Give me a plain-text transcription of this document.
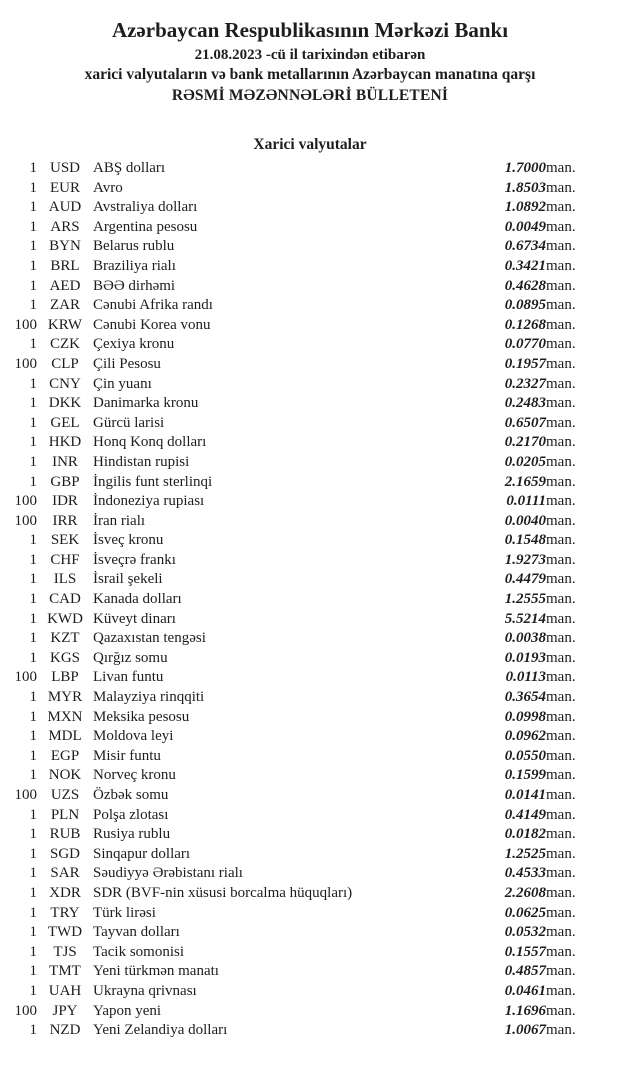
Azərbaycan Respublikasının Mərkəzi Bankı
21.08.2023 -cü il tarixindən etibarən
xarici valyutaların və bank metallarının Azərbaycan manatına qarşı
RƏSMİ MƏZƏNNƏLƏRİ BÜLLETENİ
Xarici valyutalar
1	USD	ABŞ dolları	1.7000	man.
1	EUR	Avro	1.8503	man.
1	AUD	Avstraliya dolları	1.0892	man.
1	ARS	Argentina pesosu	0.0049	man.
1	BYN	Belarus rublu	0.6734	man.
1	BRL	Braziliya rialı	0.3421	man.
1	AED	BƏƏ dirhəmi	0.4628	man.
1	ZAR	Cənubi Afrika randı	0.0895	man.
100	KRW	Cənubi Korea vonu	0.1268	man.
1	CZK	Çexiya kronu	0.0770	man.
100	CLP	Çili Pesosu	0.1957	man.
1	CNY	Çin yuanı	0.2327	man.
1	DKK	Danimarka kronu	0.2483	man.
1	GEL	Gürcü larisi	0.6507	man.
1	HKD	Honq Konq dolları	0.2170	man.
1	INR	Hindistan rupisi	0.0205	man.
1	GBP	İngilis funt sterlinqi	2.1659	man.
100	IDR	İndoneziya rupiası	0.0111	man.
100	IRR	İran rialı	0.0040	man.
1	SEK	İsveç kronu	0.1548	man.
1	CHF	İsveçrə frankı	1.9273	man.
1	ILS	İsrail şekeli	0.4479	man.
1	CAD	Kanada dolları	1.2555	man.
1	KWD	Küveyt dinarı	5.5214	man.
1	KZT	Qazaxıstan tengəsi	0.0038	man.
1	KGS	Qırğız somu	0.0193	man.
100	LBP	Livan funtu	0.0113	man.
1	MYR	Malayziya rinqqiti	0.3654	man.
1	MXN	Meksika pesosu	0.0998	man.
1	MDL	Moldova leyi	0.0962	man.
1	EGP	Misir funtu	0.0550	man.
1	NOK	Norveç kronu	0.1599	man.
100	UZS	Özbək somu	0.0141	man.
1	PLN	Polşa zlotası	0.4149	man.
1	RUB	Rusiya rublu	0.0182	man.
1	SGD	Sinqapur dolları	1.2525	man.
1	SAR	Səudiyyə Ərəbistanı rialı	0.4533	man.
1	XDR	SDR (BVF-nin xüsusi borcalma hüquqları)	2.2608	man.
1	TRY	Türk lirəsi	0.0625	man.
1	TWD	Tayvan dolları	0.0532	man.
1	TJS	Tacik somonisi	0.1557	man.
1	TMT	Yeni türkmən manatı	0.4857	man.
1	UAH	Ukrayna qrivnası	0.0461	man.
100	JPY	Yapon yeni	1.1696	man.
1	NZD	Yeni Zelandiya dolları	1.0067	man.
